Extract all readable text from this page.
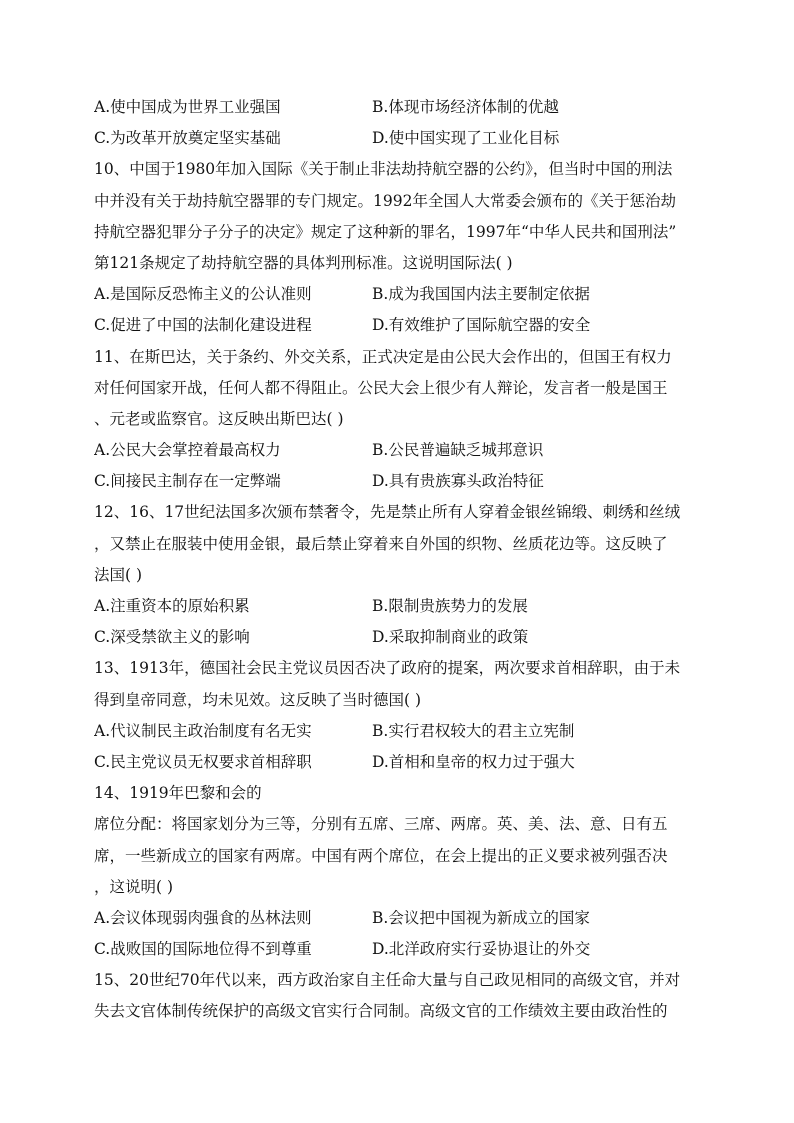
A.使中国成为世界工业强国	B.体现市场经济体制的优越
C.为改革开放奠定坚实基础	D.使中国实现了工业化目标
10、中国于1980年加入国际《关于制止非法劫持航空器的公约》，但当时中国的刑法
中并没有关于劫持航空器罪的专门规定。1992年全国人大常委会颁布的《关于惩治劫
持航空器犯罪分子分子的决定》规定了这种新的罪名，1997年“中华人民共和国刑法”
第121条规定了劫持航空器的具体判刑标准。这说明国际法( )
A.是国际反恐怖主义的公认准则	B.成为我国国内法主要制定依据
C.促进了中国的法制化建设进程	D.有效维护了国际航空器的安全
11、在斯巴达，关于条约、外交关系，正式决定是由公民大会作出的，但国王有权力
对任何国家开战，任何人都不得阻止。公民大会上很少有人辩论，发言者一般是国王
、元老或监察官。这反映出斯巴达( )
A.公民大会掌控着最高权力	B.公民普遍缺乏城邦意识
C.间接民主制存在一定弊端	D.具有贵族寡头政治特征
12、16、17世纪法国多次颁布禁奢令，先是禁止所有人穿着金银丝锦缎、刺绣和丝绒
，又禁止在服装中使用金银，最后禁止穿着来自外国的织物、丝质花边等。这反映了
法国( )
A.注重资本的原始积累	B.限制贵族势力的发展
C.深受禁欲主义的影响	D.采取抑制商业的政策
13、1913年，德国社会民主党议员因否决了政府的提案，两次要求首相辞职，由于未
得到皇帝同意，均未见效。这反映了当时德国( )
A.代议制民主政治制度有名无实	B.实行君权较大的君主立宪制
C.民主党议员无权要求首相辞职	D.首相和皇帝的权力过于强大
14、1919年巴黎和会的
席位分配：将国家划分为三等，分别有五席、三席、两席。英、美、法、意、日有五
席，一些新成立的国家有两席。中国有两个席位，在会上提出的正义要求被列强否决
，这说明( )
A.会议体现弱肉强食的丛林法则	B.会议把中国视为新成立的国家
C.战败国的国际地位得不到尊重	D.北洋政府实行妥协退让的外交
15、20世纪70年代以来，西方政治家自主任命大量与自己政见相同的高级文官，并对
失去文官体制传统保护的高级文官实行合同制。高级文官的工作绩效主要由政治性的
